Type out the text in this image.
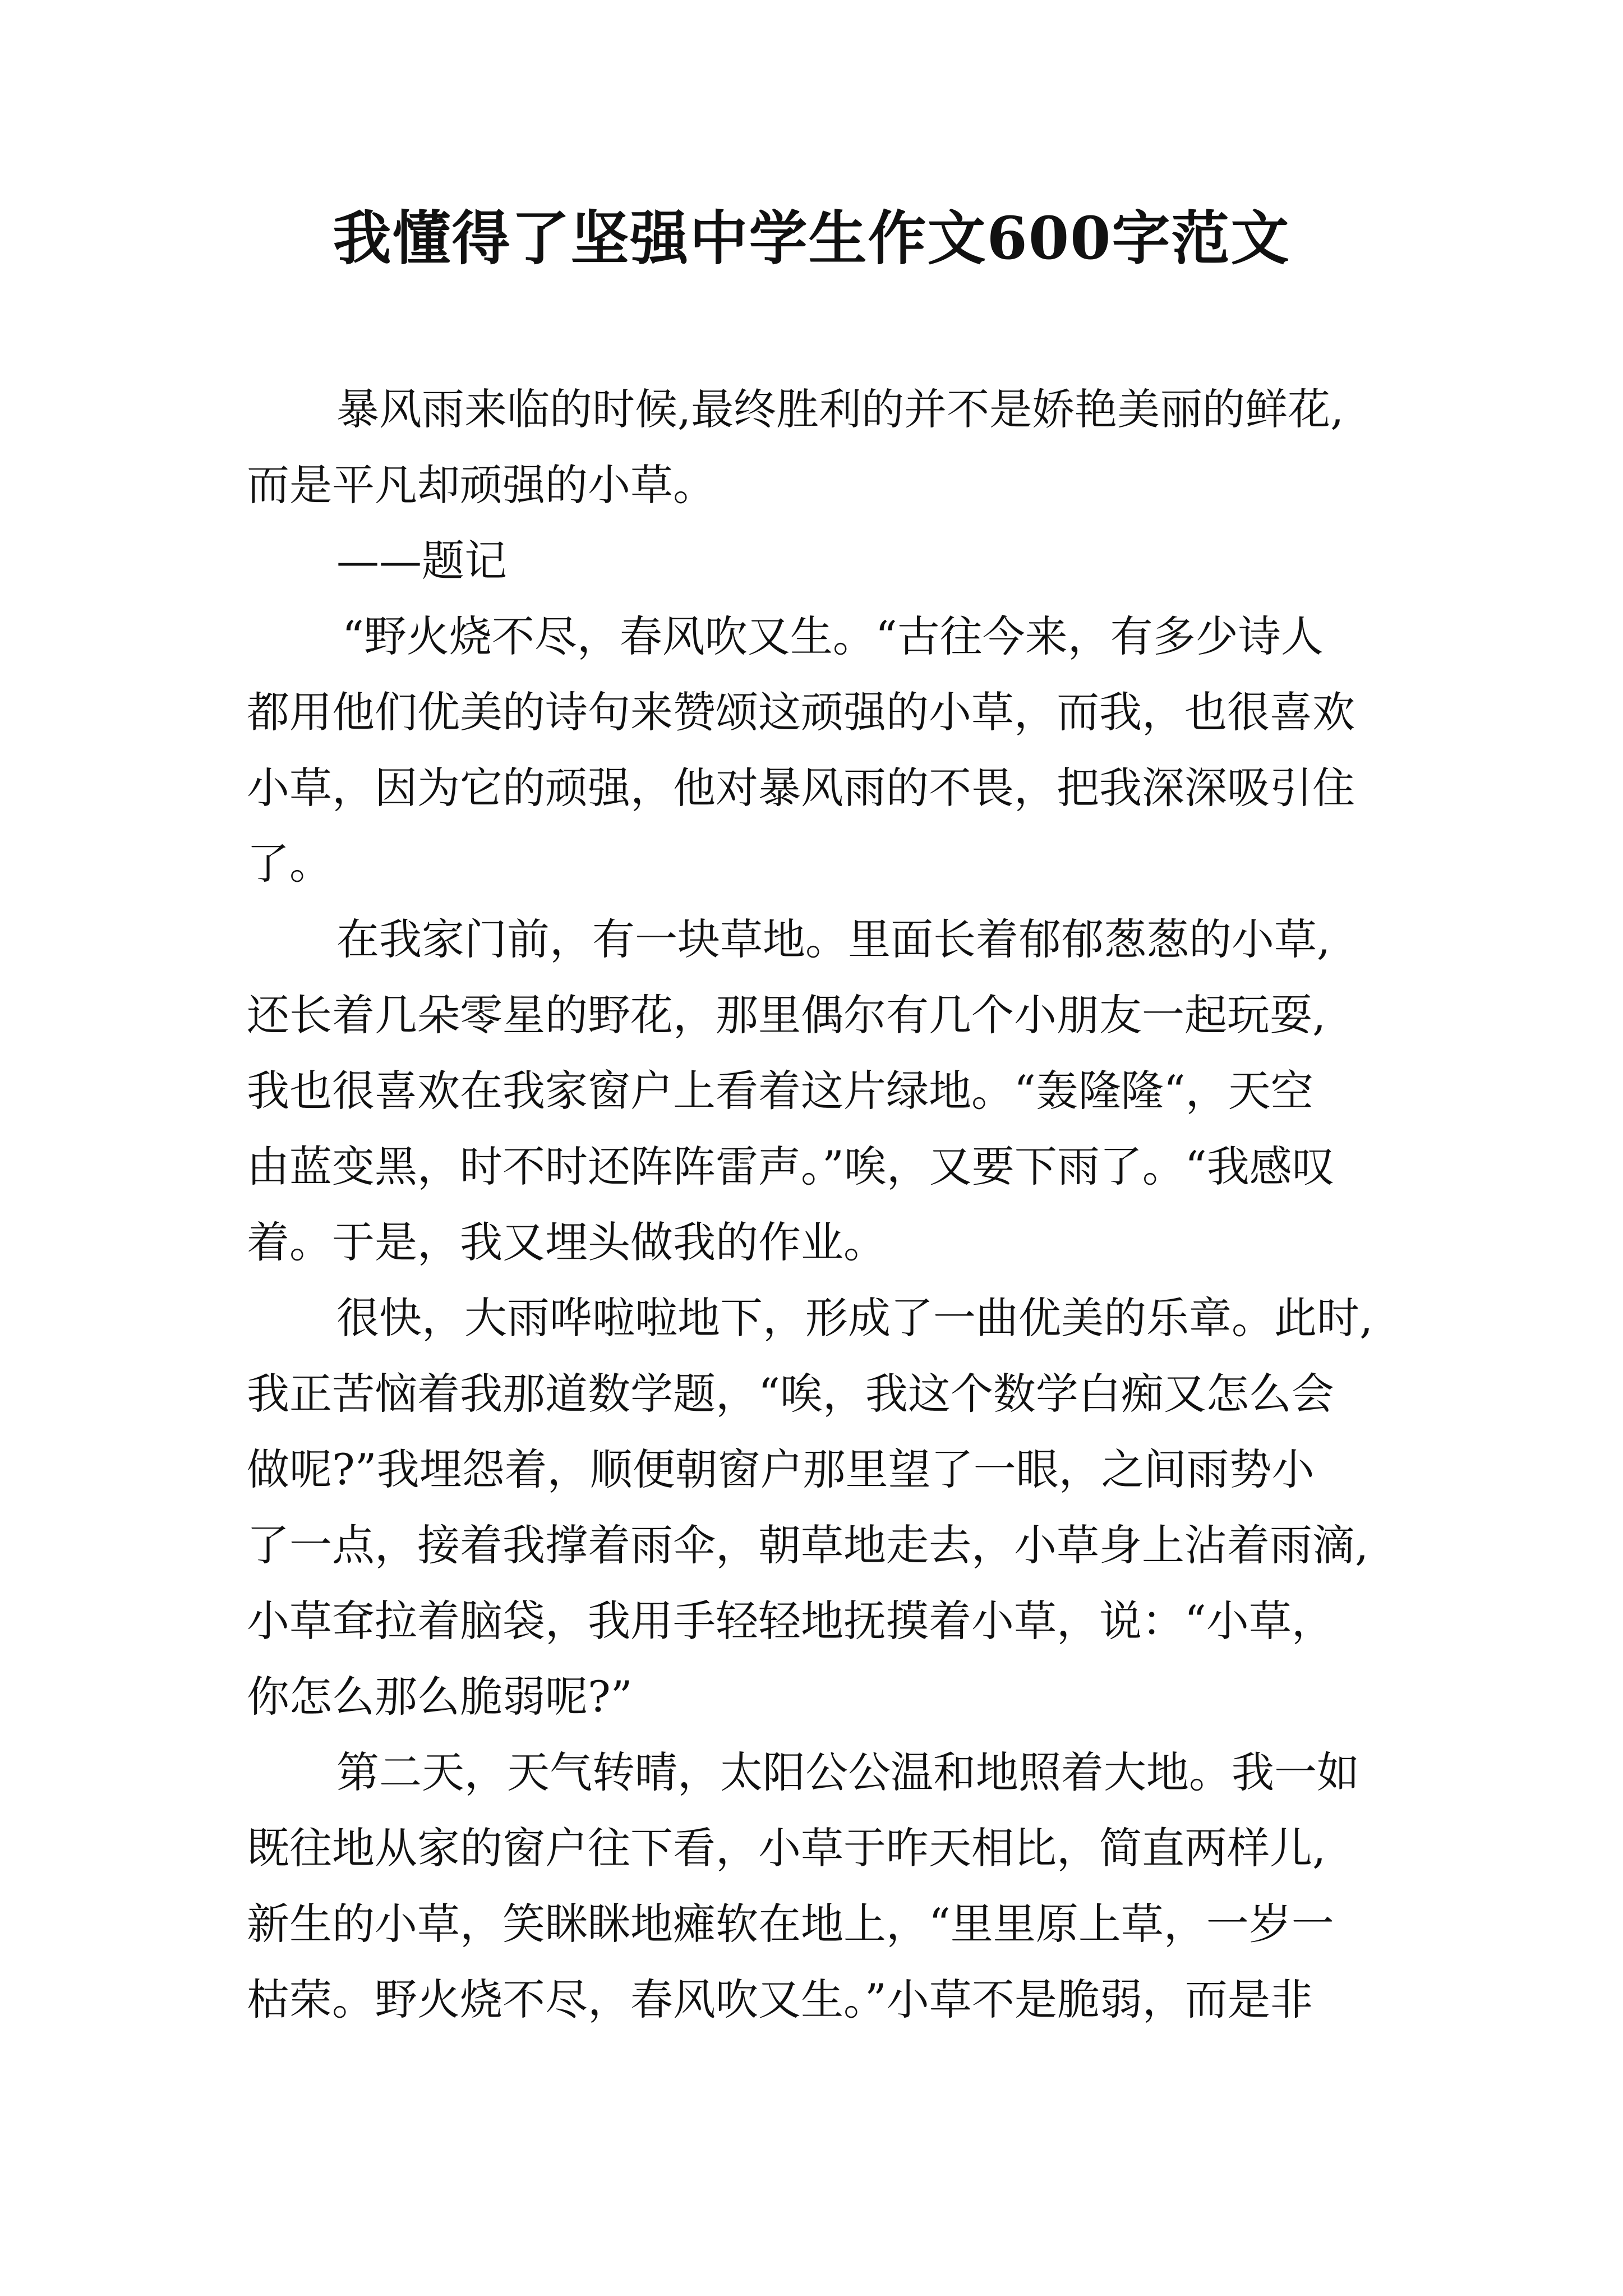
我懂得了坚强中学生作文600字范文

暴风雨来临的时候,最终胜利的并不是娇艳美丽的鲜花,

而是平凡却顽强的小草。

——题记

“野火烧不尽，春风吹又生。“古往今来，有多少诗人

都用他们优美的诗句来赞颂这顽强的小草，而我，也很喜欢

小草，因为它的顽强，他对暴风雨的不畏，把我深深吸引住

了。

在我家门前，有一块草地。里面长着郁郁葱葱的小草,

还长着几朵零星的野花，那里偶尔有几个小朋友一起玩耍,

我也很喜欢在我家窗户上看着这片绿地。“轰隆隆“，天空

由蓝变黑，时不时还阵阵雷声。”唉，又要下雨了。“我感叹

着。于是，我又埋头做我的作业。

很快，大雨哗啦啦地下，形成了一曲优美的乐章。此时,

我正苦恼着我那道数学题，“唉，我这个数学白痴又怎么会

做呢?”我埋怨着，顺便朝窗户那里望了一眼，之间雨势小

了一点，接着我撑着雨伞，朝草地走去，小草身上沾着雨滴,

小草耷拉着脑袋，我用手轻轻地抚摸着小草，说：“小草，

你怎么那么脆弱呢?”

第二天，天气转晴，太阳公公温和地照着大地。我一如

既往地从家的窗户往下看，小草于昨天相比，简直两样儿,

新生的小草，笑眯眯地瘫软在地上，“里里原上草，一岁一

枯荣。野火烧不尽，春风吹又生。”小草不是脆弱，而是非
